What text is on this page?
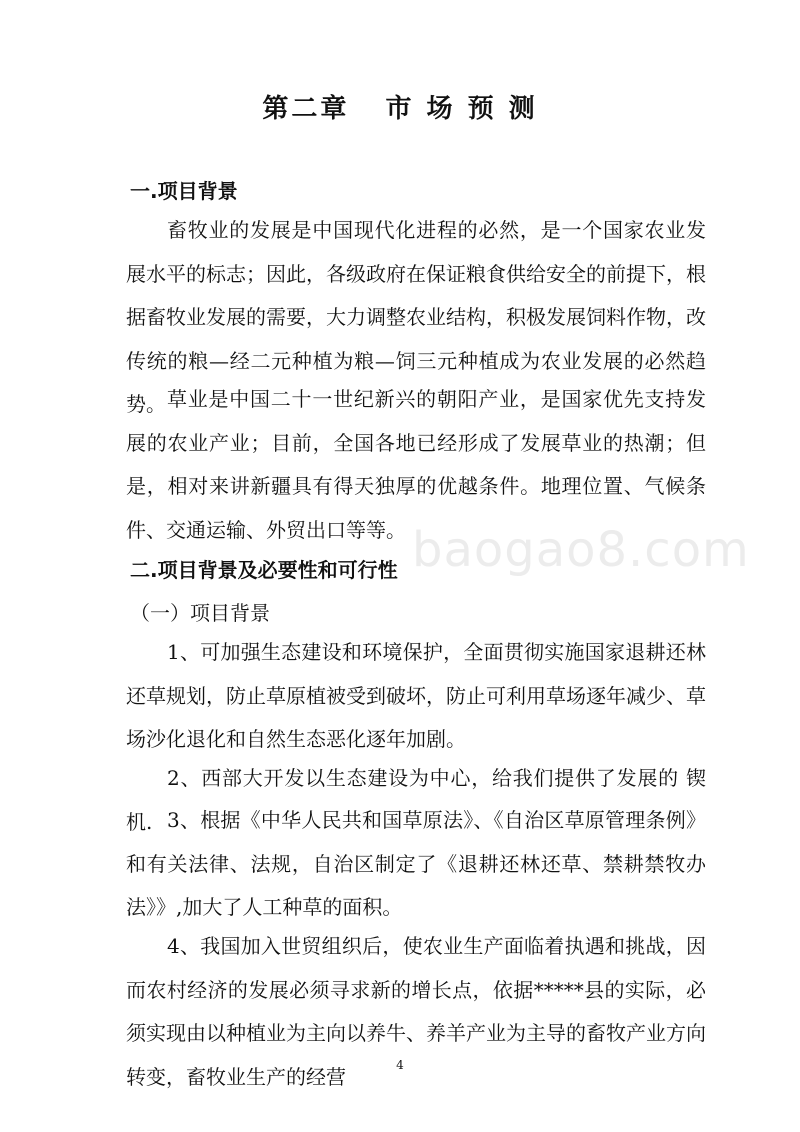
baogao8.com
第二章   市 场 预 测
一.项目背景

畜牧业的发展是中国现代化进程的必然，是一个国家农业发展水平的标志；因此，各级政府在保证粮食供给安全的前提下，根据畜牧业发展的需要，大力调整农业结构，积极发展饲料作物，改传统的粮—经二元种植为粮—饲三元种植成为农业发展的必然趋势。 草业是中国二十一世纪新兴的朝阳产业，是国家优先支持发展的农业产业；目前，全国各地已经形成了发展草业的热潮；但是，相对来讲新疆具有得天独厚的优越条件。地理位置、气候条件、交通运输、外贸出口等等。

二.项目背景及必要性和可行性

（一）项目背景

1、可加强生态建设和环境保护，全面贯彻实施国家退耕还林还草规划，防止草原植被受到破坏，防止可利用草场逐年减少、草场沙化退化和自然生态恶化逐年加剧。

2、西部大开发以生态建设为中心，给我们提供了发展的 锲机. 3、根据《中华人民共和国草原法》、《自治区草原管理条例》和有关法律、法规，自治区制定了《退耕还林还草、禁耕禁牧办法》》,加大了人工种草的面积。

4、我国加入世贸组织后，使农业生产面临着执遇和挑战，因而农村经济的发展必须寻求新的增长点，依据*****县的实际，必须实现由以种植业为主向以养牛、养羊产业为主导的畜牧产业方向转变，畜牧业生产的经营	4
